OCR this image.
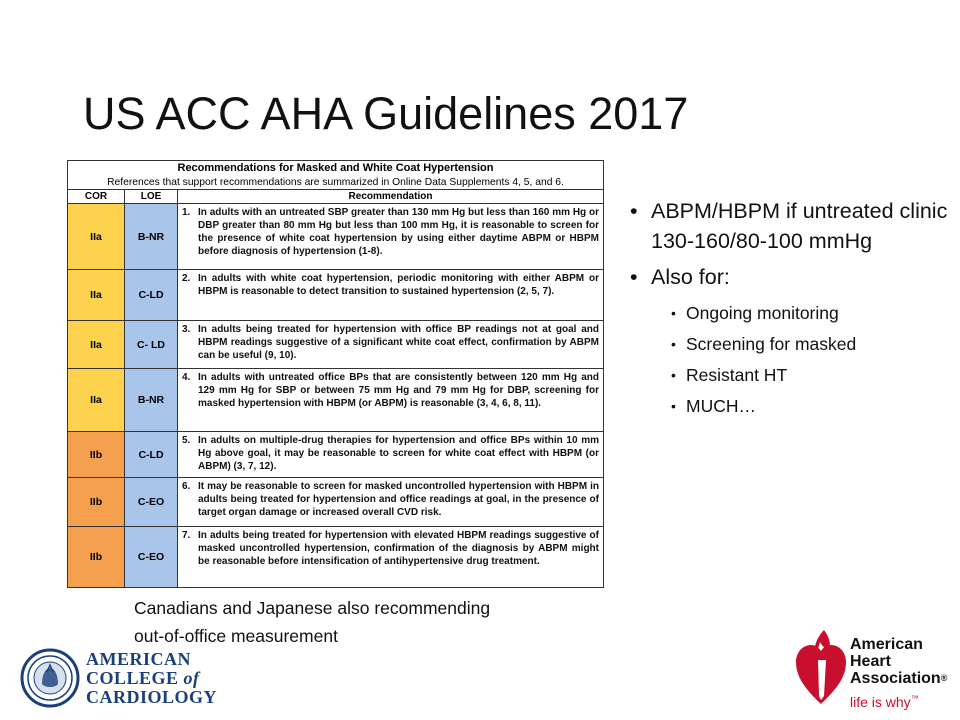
US ACC AHA Guidelines 2017
Recommendations for Masked and White Coat Hypertension		
References that support recommendations are summarized in Online Data Supplements 4, 5, and 6.		
COR	LOE	Recommendation
IIa	B-NR	1. In adults with an untreated SBP greater than 130 mm Hg but less than 160 mm Hg or DBP greater than 80 mm Hg but less than 100 mm Hg, it is reasonable to screen for the presence of white coat hypertension by using either daytime ABPM or HBPM before diagnosis of hypertension (1-8).

IIa	C-LD	2. In adults with white coat hypertension, periodic monitoring with either ABPM or HBPM is reasonable to detect transition to sustained hypertension (2, 5, 7).

IIa	C- LD	3. In adults being treated for hypertension with office BP readings not at goal and HBPM readings suggestive of a significant white coat effect, confirmation by ABPM can be useful (9, 10).

IIa	B-NR	4. In adults with untreated office BPs that are consistently between 120 mm Hg and 129 mm Hg for SBP or between 75 mm Hg and 79 mm Hg for DBP, screening for masked hypertension with HBPM (or ABPM) is reasonable (3, 4, 6, 8, 11).

IIb	C-LD	5. In adults on multiple-drug therapies for hypertension and office BPs within 10 mm Hg above goal, it may be reasonable to screen for white coat effect with HBPM (or ABPM) (3, 7, 12).

IIb	C-EO	6. It may be reasonable to screen for masked uncontrolled hypertension with HBPM in adults being treated for hypertension and office readings at goal, in the presence of target organ damage or increased overall CVD risk.

IIb	C-EO	7. In adults being treated for hypertension with elevated HBPM readings suggestive of masked uncontrolled hypertension, confirmation of the diagnosis by ABPM might be reasonable before intensification of antihypertensive drug treatment.
• ABPM/HBPM if untreated clinic 130-160/80-100 mmHg
• Also for:
• Ongoing monitoring
• Screening for masked
• Resistant HT
• MUCH…

Canadians and Japanese also recommending
out-of-office measurement

AMERICAN
COLLEGE of
CARDIOLOGY
American
Heart
Association®
life is why™
